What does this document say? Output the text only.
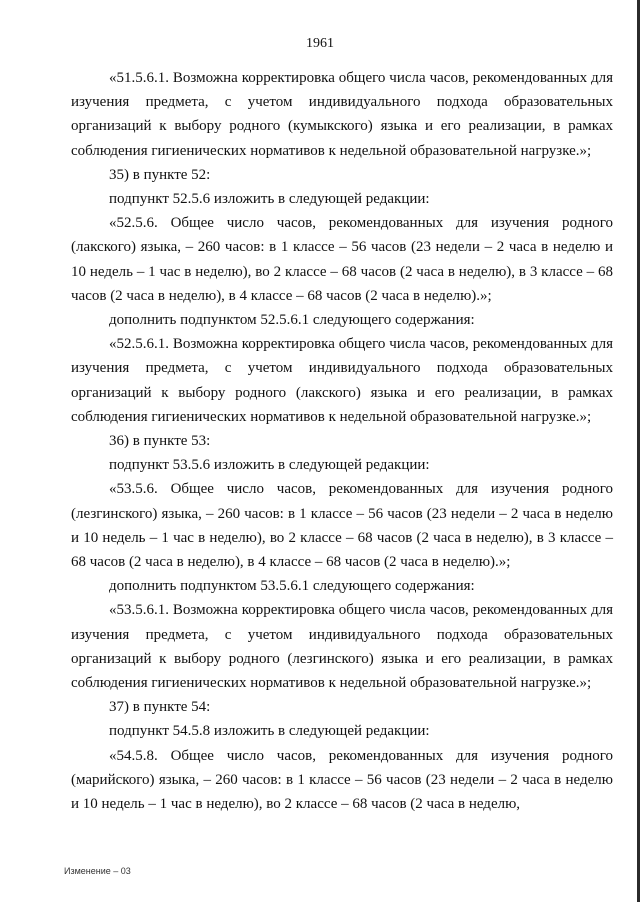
1961

«51.5.6.1. Возможна корректировка общего числа часов, рекомендованных для изучения предмета, с учетом индивидуального подхода образовательных организаций к выбору родного (кумыкского) языка и его реализации, в рамках соблюдения гигиенических нормативов к недельной образовательной нагрузке.»;

35) в пункте 52:

подпункт 52.5.6 изложить в следующей редакции:

«52.5.6. Общее число часов, рекомендованных для изучения родного (лакского) языка, – 260 часов: в 1 классе – 56 часов (23 недели – 2 часа в неделю и 10 недель – 1 час в неделю), во 2 классе – 68 часов (2 часа в неделю), в 3 классе – 68 часов (2 часа в неделю), в 4 классе – 68 часов (2 часа в неделю).»;

дополнить подпунктом 52.5.6.1 следующего содержания:

«52.5.6.1. Возможна корректировка общего числа часов, рекомендованных для изучения предмета, с учетом индивидуального подхода образовательных организаций к выбору родного (лакского) языка и его реализации, в рамках соблюдения гигиенических нормативов к недельной образовательной нагрузке.»;

36) в пункте 53:

подпункт 53.5.6 изложить в следующей редакции:

«53.5.6. Общее число часов, рекомендованных для изучения родного (лезгинского) языка, – 260 часов: в 1 классе – 56 часов (23 недели – 2 часа в неделю и 10 недель – 1 час в неделю), во 2 классе – 68 часов (2 часа в неделю), в 3 классе – 68 часов (2 часа в неделю), в 4 классе – 68 часов (2 часа в неделю).»;

дополнить подпунктом 53.5.6.1 следующего содержания:

«53.5.6.1. Возможна корректировка общего числа часов, рекомендованных для изучения предмета, с учетом индивидуального подхода образовательных организаций к выбору родного (лезгинского) языка и его реализации, в рамках соблюдения гигиенических нормативов к недельной образовательной нагрузке.»;

37) в пункте 54:

подпункт 54.5.8 изложить в следующей редакции:

«54.5.8. Общее число часов, рекомендованных для изучения родного (марийского) языка, – 260 часов: в 1 классе – 56 часов (23 недели – 2 часа в неделю и 10 недель – 1 час в неделю), во 2 классе – 68 часов (2 часа в неделю,

Изменение – 03
